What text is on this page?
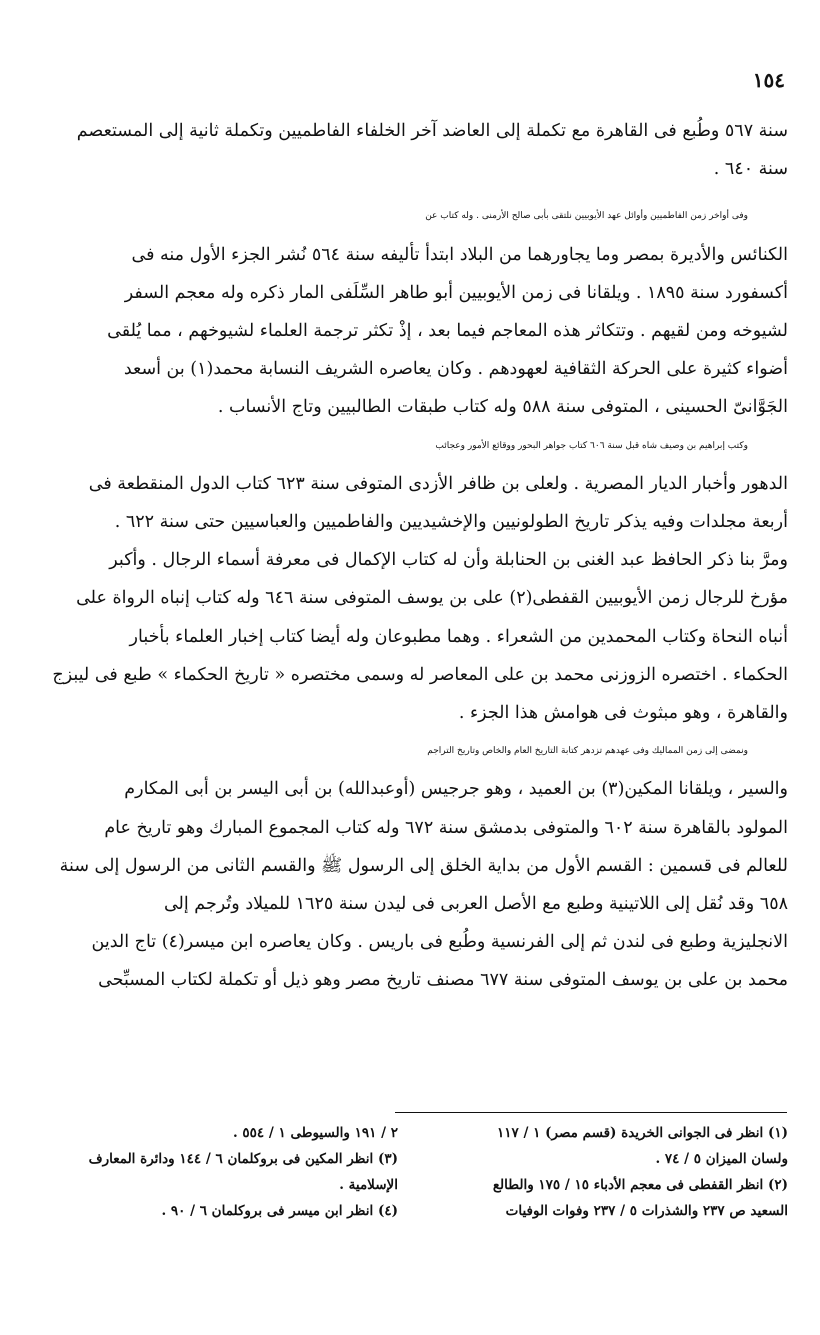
١٥٤
سنة ٥٦٧ وطُبع فى القاهرة مع تكملة إلى العاضد آخر الخلفاء الفاطميين وتكملة ثانية إلى المستعصم
سنة ٦٤٠ .
وفى أواخر زمن الفاطميين وأوائل عهد الأيوبيين نلتقى بأبى صالح الأرمنى . وله كتاب عن
الكنائس والأديرة بمصر وما يجاورهما من البلاد ابتدأ تأليفه سنة ٥٦٤ نُشر الجزء الأول منه فى
أكسفورد سنة ١٨٩٥ . ويلقانا فى زمن الأيوبيين أبو طاهر السِّلَفى المار ذكره وله معجم السفر
لشيوخه ومن لقيهم . وتتكاثر هذه المعاجم فيما بعد ، إذْ تكثر ترجمة العلماء لشيوخهم ، مما يُلقى
أضواء كثيرة على الحركة الثقافية لعهودهم . وكان يعاصره الشريف النسابة محمد(١) بن أسعد
الجَوَّانىّ الحسينى ، المتوفى سنة ٥٨٨ وله كتاب طبقات الطالبيين وتاج الأنساب .
وكتب إبراهيم بن وصيف شاه قبل سنة ٦٠٦ كتاب جواهر البحور ووقائع الأمور وعجائب
الدهور وأخبار الديار المصرية . ولعلى بن ظافر الأزدى المتوفى سنة ٦٢٣ كتاب الدول المنقطعة فى
أربعة مجلدات وفيه يذكر تاريخ الطولونيين والإخشيديين والفاطميين والعباسيين حتى سنة ٦٢٢ .
ومرَّ بنا ذكر الحافظ عبد الغنى بن الحنابلة وأن له كتاب الإكمال فى معرفة أسماء الرجال . وأكبر
مؤرخ للرجال زمن الأيوبيين القفطى(٢) على بن يوسف المتوفى سنة ٦٤٦ وله كتاب إنباه الرواة على
أنباه النحاة وكتاب المحمدين من الشعراء . وهما مطبوعان وله أيضا كتاب إخبار العلماء بأخبار
الحكماء . اختصره الزوزنى محمد بن على المعاصر له وسمى مختصره « تاريخ الحكماء » طبع فى ليبزج
والقاهرة ، وهو مبثوث فى هوامش هذا الجزء .
ونمضى إلى زمن المماليك وفى عهدهم تزدهر كتابة التاريخ العام والخاص وتاريخ التراجم
والسير ، ويلقانا المكين(٣) بن العميد ، وهو جرجيس (أوعبدالله) بن أبى اليسر بن أبى المكارم
المولود بالقاهرة سنة ٦٠٢ والمتوفى بدمشق سنة ٦٧٢ وله كتاب المجموع المبارك وهو تاريخ عام
للعالم فى قسمين : القسم الأول من بداية الخلق إلى الرسول ﷺ والقسم الثانى من الرسول إلى سنة
٦٥٨ وقد نُقل إلى اللاتينية وطبع مع الأصل العربى فى ليدن سنة ١٦٢٥ للميلاد وتُرجم إلى
الانجليزية وطبع فى لندن ثم إلى الفرنسية وطُبع فى باريس . وكان يعاصره ابن ميسر(٤) تاج الدين
محمد بن على بن يوسف المتوفى سنة ٦٧٧ مصنف تاريخ مصر وهو ذيل أو تكملة لكتاب المسبِّحى
(١) انظر فى الجوانى الخريدة (قسم مصر) ١ / ١١٧
ولسان الميزان ٥ / ٧٤ .
(٢) انظر القفطى فى معجم الأدباء ١٥ / ١٧٥ والطالع
السعيد ص ٢٣٧ والشذرات ٥ / ٢٣٧ وفوات الوفيات
٢ / ١٩١ والسيوطى ١ / ٥٥٤ .
(٣) انظر المكين فى بروكلمان ٦ / ١٤٤ ودائرة المعارف
الإسلامية .
(٤) انظر ابن ميسر فى بروكلمان ٦ / ٩٠ .
